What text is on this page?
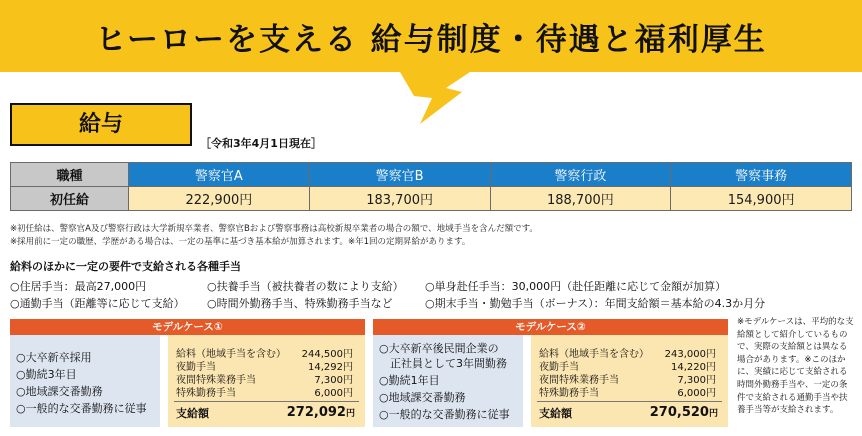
ヒーローを支える 給与制度・待遇と福利厚生
給与
［令和3年4月1日現在］
職種	警察官A	警察官B	警察行政	警察事務
初任給	222,900円	183,700円	188,700円	154,900円
※初任給は、警察官A及び警察行政は大学新規卒業者、警察官Bおよび警察事務は高校新規卒業者の場合の額で、地域手当を含んだ額です。
※採用前に一定の職歴、学歴がある場合は、一定の基準に基づき基本給が加算されます。※年1回の定期昇給があります。
給料のほかに一定の要件で支給される各種手当
○住居手当：最高27,000円	○扶養手当（被扶養者の数により支給） ○単身赴任手当：30,000円（赴任距離に応じて金額が加算）
○通勤手当（距離等に応じて支給） ○時間外勤務手当、特殊勤務手当など	○期末手当・勤勉手当（ボーナス）：年間支給額＝基本給の4.3か月分
モデルケース①
○大卒新卒採用
○勤続3年目
○地域課交番勤務
○一般的な交番勤務に従事
給料（地域手当を含む） 244,500円
夜勤手当	14,292円
夜間特殊業務手当	7,300円
特殊勤務手当	6,000円
支給額	272,092円
モデルケース②
○大卒新卒後民間企業の
　正社員として3年間勤務
○勤続1年目
○地域課交番勤務
○一般的な交番勤務に従事
給料（地域手当を含む） 243,000円
夜勤手当	14,220円
夜間特殊業務手当	7,300円
特殊勤務手当	6,000円
支給額	270,520円
※モデルケースは、平均的な支給額として紹介しているもので、実際の支給額とは異なる場合があります。※このほかに、実績に応じて支給される時間外勤務手当や、一定の条件で支給される通勤手当や扶養手当等が支給されます。
